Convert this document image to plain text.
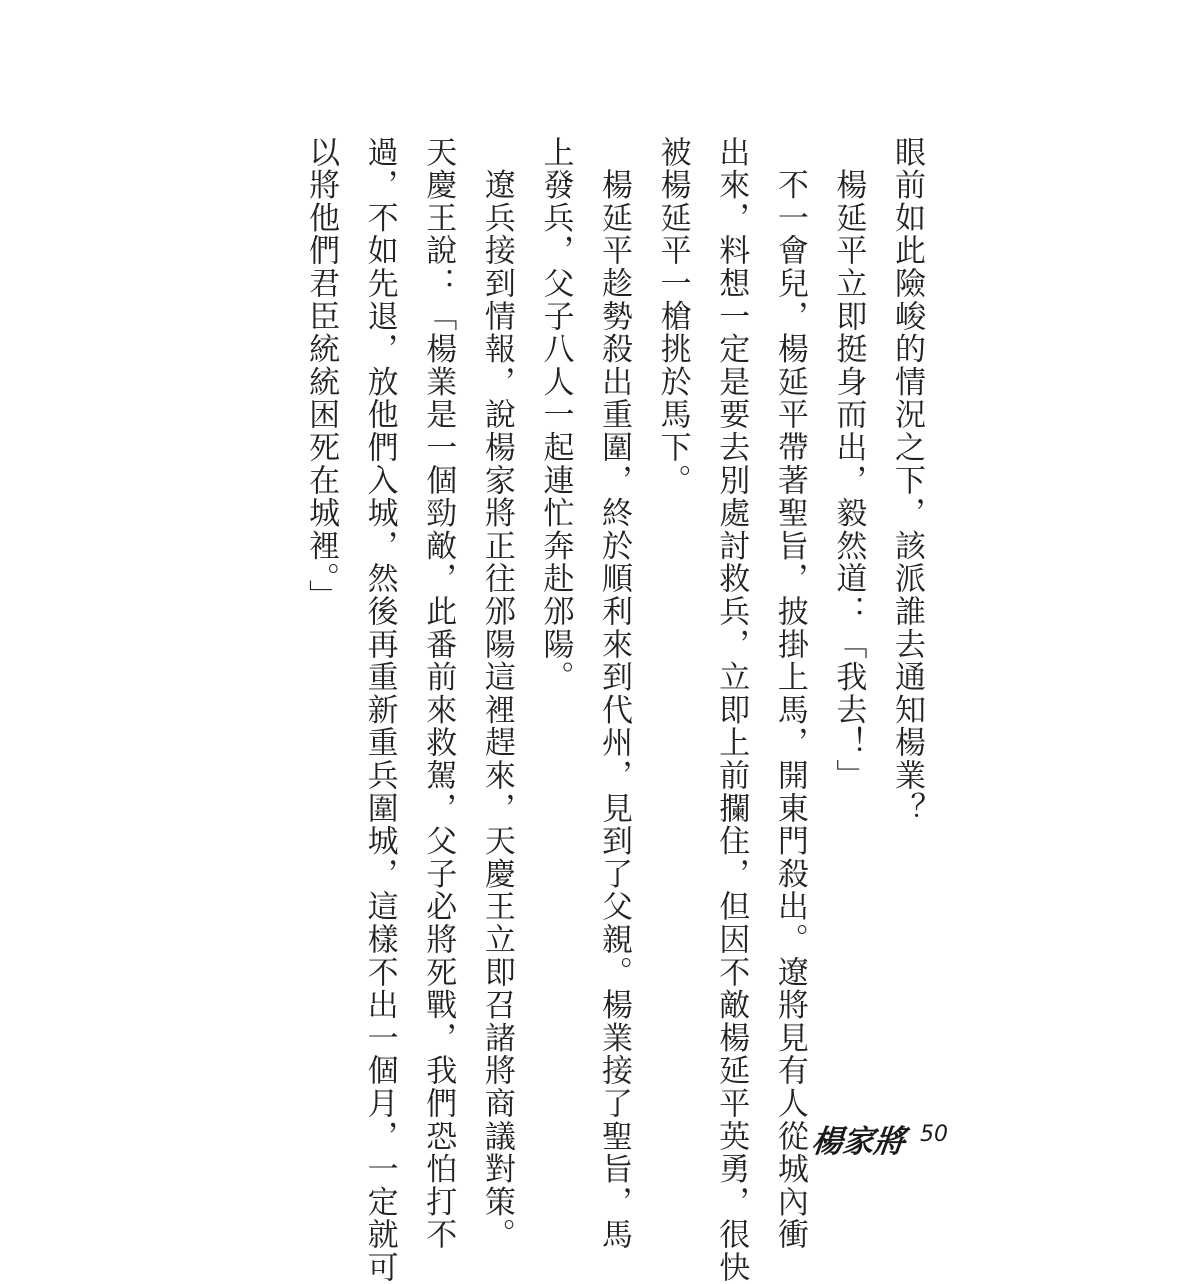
眼前如此險峻的情況之下，該派誰去通知楊業？
　楊延平立即挺身而出，毅然道：「我去！」
　不一會兒，楊延平帶著聖旨，披掛上馬，開東門殺出。遼將見有人從城內衝
出來，料想一定是要去別處討救兵，立即上前攔住，但因不敵楊延平英勇，很快
被楊延平一槍挑於馬下。
　楊延平趁勢殺出重圍，終於順利來到代州，見到了父親。楊業接了聖旨，馬
上發兵，父子八人一起連忙奔赴邠陽。
　遼兵接到情報，說楊家將正往邠陽這裡趕來，天慶王立即召諸將商議對策。
天慶王說：「楊業是一個勁敵，此番前來救駕，父子必將死戰，我們恐怕打不
過，不如先退，放他們入城，然後再重新重兵圍城，這樣不出一個月，一定就可
以將他們君臣統統困死在城裡。」
楊家將 50
